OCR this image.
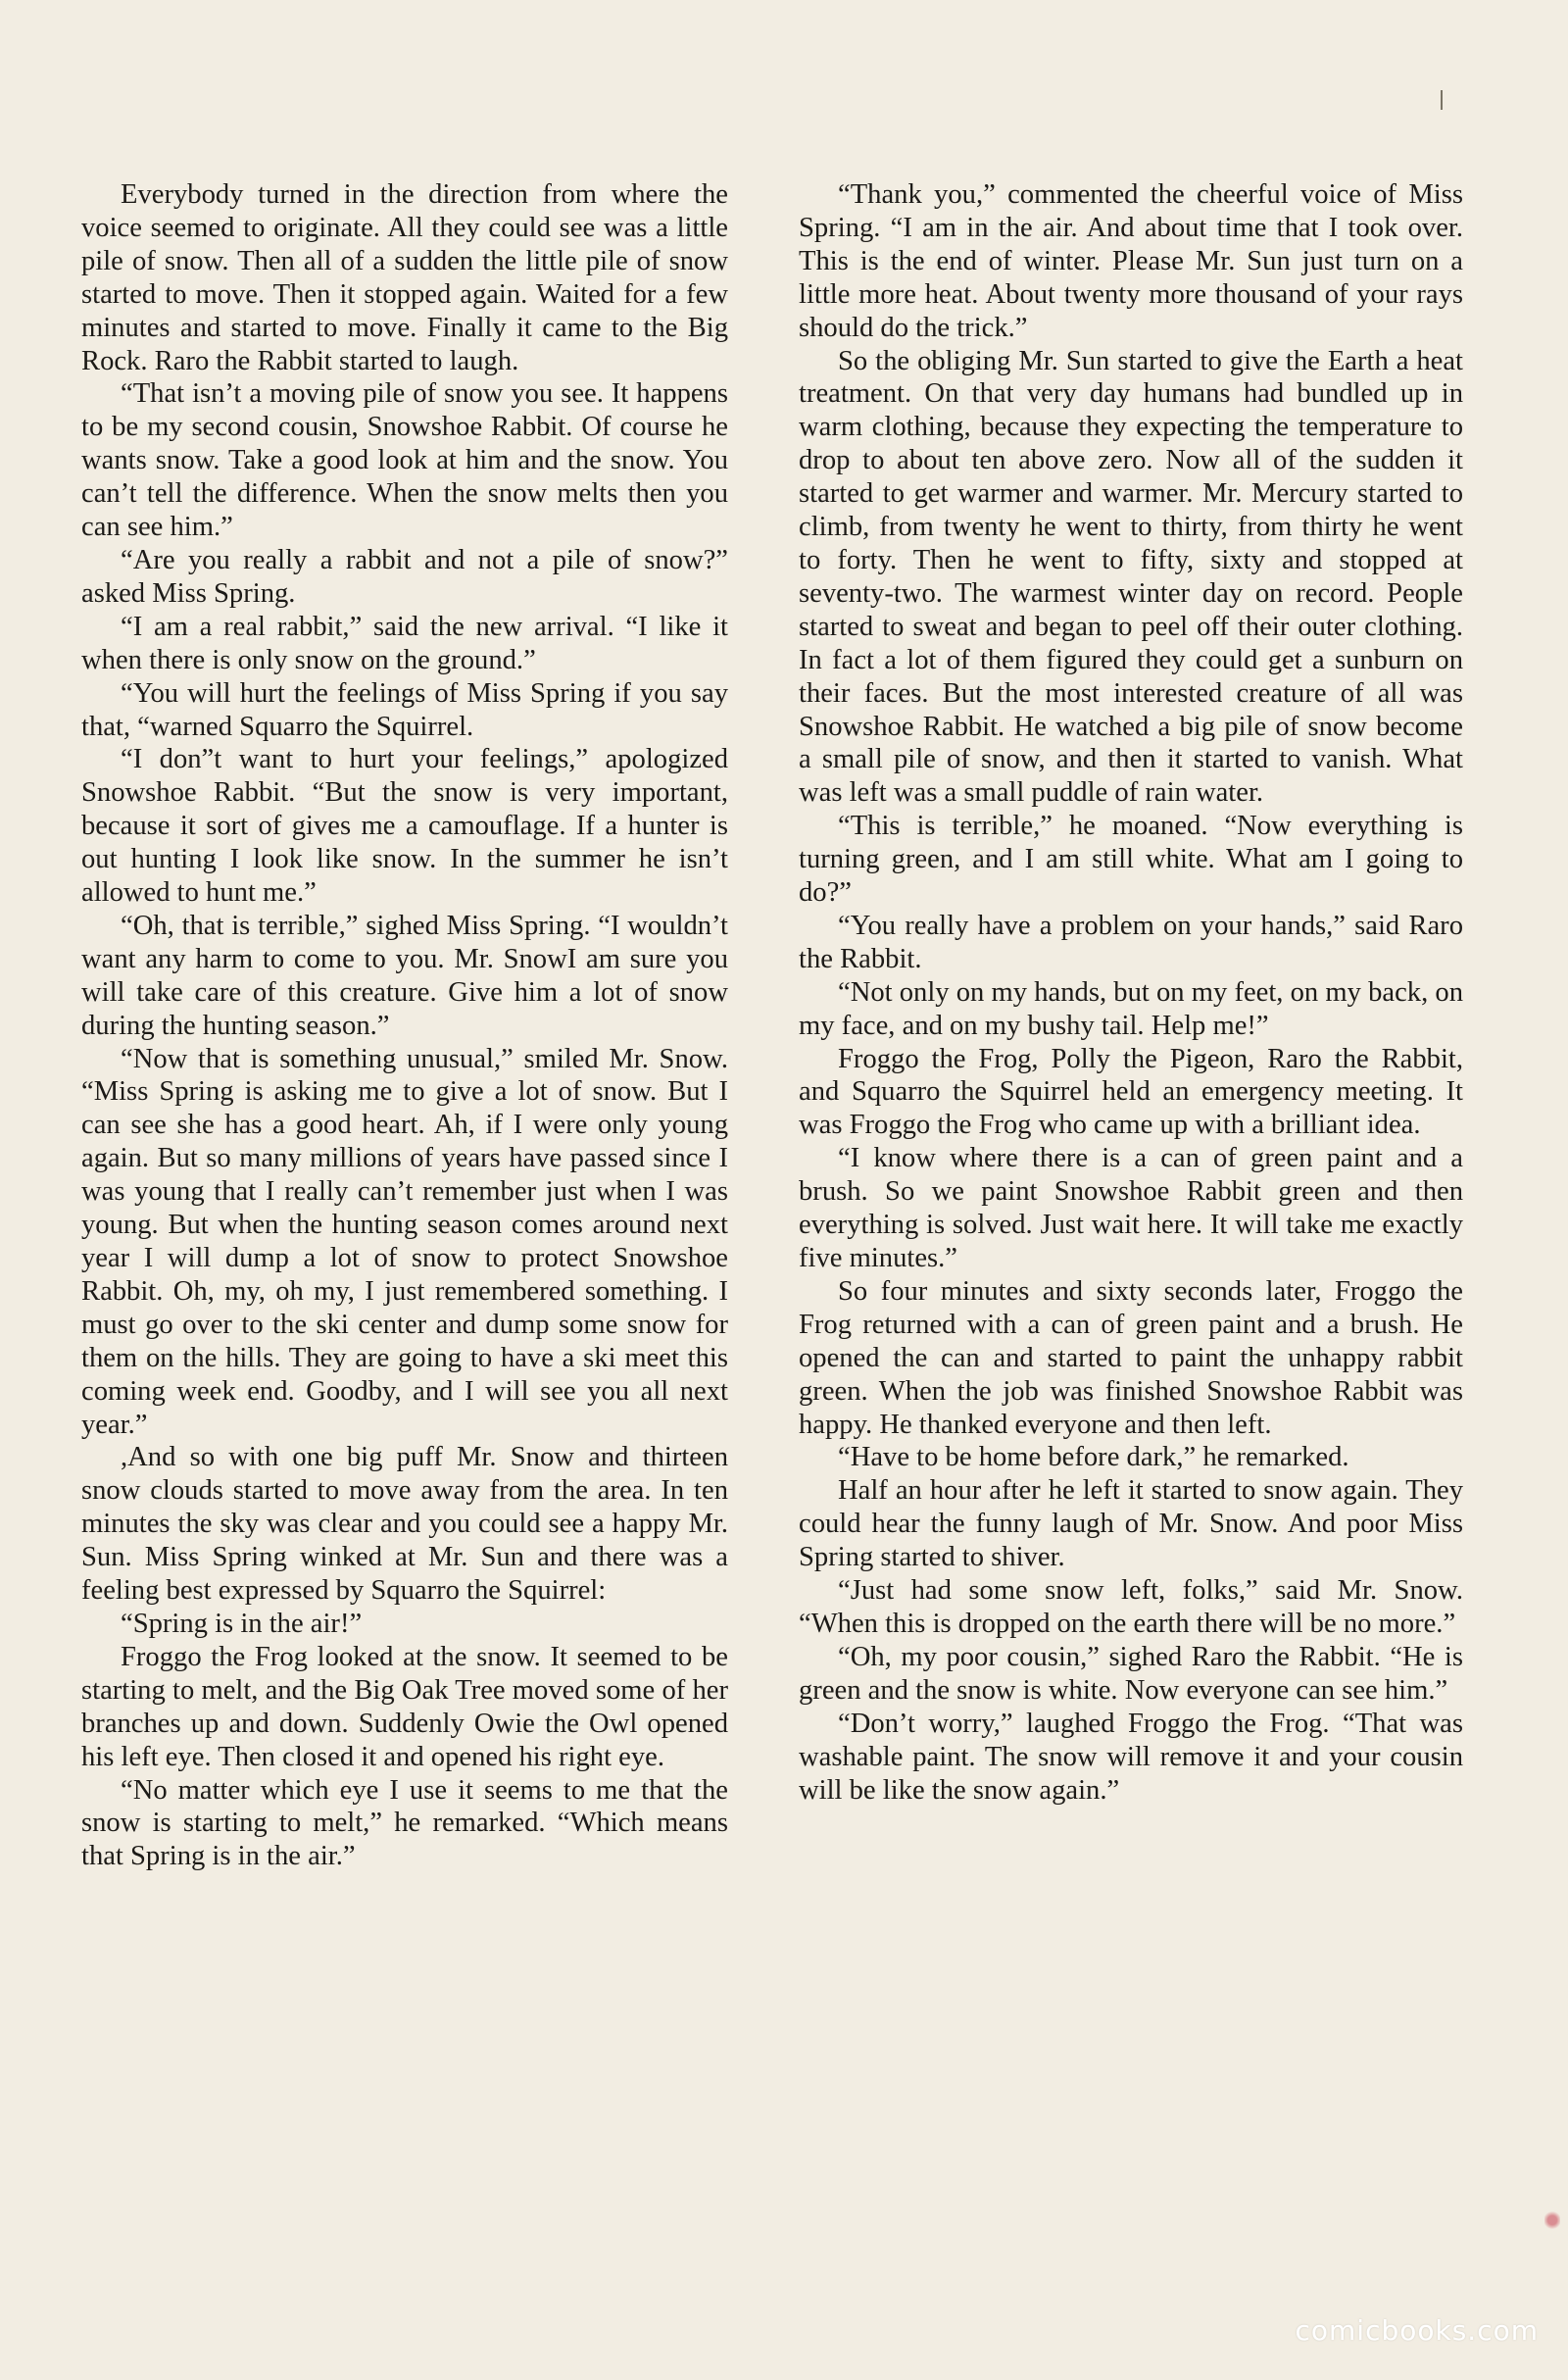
Everybody turned in the direction from where the voice seemed to originate. All they could see was a little pile of snow. Then all of a sudden the little pile of snow started to move. Then it stopped again. Waited for a few minutes and started to move. Finally it came to the Big Rock. Raro the Rabbit started to laugh.

“That isn’t a moving pile of snow you see. It happens to be my second cousin, Snowshoe Rabbit. Of course he wants snow. Take a good look at him and the snow. You can’t tell the difference. When the snow melts then you can see him.”

“Are you really a rabbit and not a pile of snow?” asked Miss Spring.

“I am a real rabbit,” said the new arrival. “I like it when there is only snow on the ground.”

“You will hurt the feelings of Miss Spring if you say that, “warned Squarro the Squirrel.

“I don”t want to hurt your feelings,” apologized Snowshoe Rabbit. “But the snow is very important, because it sort of gives me a camouflage. If a hunter is out hunting I look like snow. In the summer he isn’t allowed to hunt me.”

“Oh, that is terrible,” sighed Miss Spring. “I wouldn’t want any harm to come to you. Mr. SnowI am sure you will take care of this creature. Give him a lot of snow during the hunting season.”

“Now that is something unusual,” smiled Mr. Snow. “Miss Spring is asking me to give a lot of snow. But I can see she has a good heart. Ah, if I were only young again. But so many millions of years have passed since I was young that I really can’t remember just when I was young. But when the hunting season comes around next year I will dump a lot of snow to protect Snowshoe Rabbit. Oh, my, oh my, I just remembered something. I must go over to the ski center and dump some snow for them on the hills. They are going to have a ski meet this coming week end. Goodby, and I will see you all next year.”

,And so with one big puff Mr. Snow and thirteen snow clouds started to move away from the area. In ten minutes the sky was clear and you could see a happy Mr. Sun. Miss Spring winked at Mr. Sun and there was a feeling best expressed by Squarro the Squirrel:

“Spring is in the air!”

Froggo the Frog looked at the snow. It seemed to be starting to melt, and the Big Oak Tree moved some of her branches up and down. Suddenly Owie the Owl opened his left eye. Then closed it and opened his right eye.

“No matter which eye I use it seems to me that the snow is starting to melt,” he remarked. “Which means that Spring is in the air.”

“Thank you,” commented the cheerful voice of Miss Spring. “I am in the air. And about time that I took over. This is the end of winter. Please Mr. Sun just turn on a little more heat. About twenty more thousand of your rays should do the trick.”

So the obliging Mr. Sun started to give the Earth a heat treatment. On that very day humans had bundled up in warm clothing, because they expecting the temperature to drop to about ten above zero. Now all of the sudden it started to get warmer and warmer. Mr. Mercury started to climb, from twenty he went to thirty, from thirty he went to forty. Then he went to fifty, sixty and stopped at seventy-two. The warmest winter day on record. People started to sweat and began to peel off their outer clothing. In fact a lot of them figured they could get a sunburn on their faces. But the most interested creature of all was Snowshoe Rabbit. He watched a big pile of snow become a small pile of snow, and then it started to vanish. What was left was a small puddle of rain water.

“This is terrible,” he moaned. “Now everything is turning green, and I am still white. What am I going to do?”

“You really have a problem on your hands,” said Raro the Rabbit.

“Not only on my hands, but on my feet, on my back, on my face, and on my bushy tail. Help me!”

Froggo the Frog, Polly the Pigeon, Raro the Rabbit, and Squarro the Squirrel held an emergency meeting. It was Froggo the Frog who came up with a brilliant idea.

“I know where there is a can of green paint and a brush. So we paint Snowshoe Rabbit green and then everything is solved. Just wait here. It will take me exactly five minutes.”

So four minutes and sixty seconds later, Froggo the Frog returned with a can of green paint and a brush. He opened the can and started to paint the unhappy rabbit green. When the job was finished Snowshoe Rabbit was happy. He thanked everyone and then left.

“Have to be home before dark,” he remarked.

Half an hour after he left it started to snow again. They could hear the funny laugh of Mr. Snow. And poor Miss Spring started to shiver.

“Just had some snow left, folks,” said Mr. Snow. “When this is dropped on the earth there will be no more.”

“Oh, my poor cousin,” sighed Raro the Rabbit. “He is green and the snow is white. Now everyone can see him.”

“Don’t worry,” laughed Froggo the Frog. “That was washable paint. The snow will remove it and your cousin will be like the snow again.”

comicbooks.com
